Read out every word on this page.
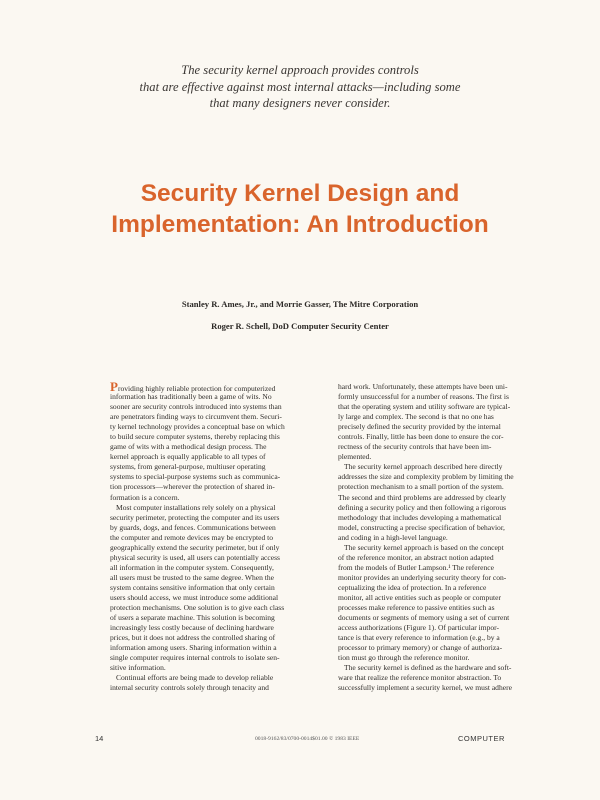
The security kernel approach provides controls
that are effective against most internal attacks—including some
that many designers never consider.
Security Kernel Design and
Implementation: An Introduction
Stanley R. Ames, Jr., and Morrie Gasser, The Mitre Corporation
Roger R. Schell, DoD Computer Security Center
Providing highly reliable protection for computerized
information has traditionally been a game of wits. No
sooner are security controls introduced into systems than
are penetrators finding ways to circumvent them. Securi-
ty kernel technology provides a conceptual base on which
to build secure computer systems, thereby replacing this
game of wits with a methodical design process. The
kernel approach is equally applicable to all types of
systems, from general-purpose, multiuser operating
systems to special-purpose systems such as communica-
tion processors—wherever the protection of shared in-
formation is a concern.
Most computer installations rely solely on a physical
security perimeter, protecting the computer and its users
by guards, dogs, and fences. Communications between
the computer and remote devices may be encrypted to
geographically extend the security perimeter, but if only
physical security is used, all users can potentially access
all information in the computer system. Consequently,
all users must be trusted to the same degree. When the
system contains sensitive information that only certain
users should access, we must introduce some additional
protection mechanisms. One solution is to give each class
of users a separate machine. This solution is becoming
increasingly less costly because of declining hardware
prices, but it does not address the controlled sharing of
information among users. Sharing information within a
single computer requires internal controls to isolate sen-
sitive information.
Continual efforts are being made to develop reliable
internal security controls solely through tenacity and
hard work. Unfortunately, these attempts have been uni-
formly unsuccessful for a number of reasons. The first is
that the operating system and utility software are typical-
ly large and complex. The second is that no one has
precisely defined the security provided by the internal
controls. Finally, little has been done to ensure the cor-
rectness of the security controls that have been im-
plemented.
The security kernel approach described here directly
addresses the size and complexity problem by limiting the
protection mechanism to a small portion of the system.
The second and third problems are addressed by clearly
defining a security policy and then following a rigorous
methodology that includes developing a mathematical
model, constructing a precise specification of behavior,
and coding in a high-level language.
The security kernel approach is based on the concept
of the reference monitor, an abstract notion adapted
from the models of Butler Lampson.¹ The reference
monitor provides an underlying security theory for con-
ceptualizing the idea of protection. In a reference
monitor, all active entities such as people or computer
processes make reference to passive entities such as
documents or segments of memory using a set of current
access authorizations (Figure 1). Of particular impor-
tance is that every reference to information (e.g., by a
processor to primary memory) or change of authoriza-
tion must go through the reference monitor.
The security kernel is defined as the hardware and soft-
ware that realize the reference monitor abstraction. To
successfully implement a security kernel, we must adhere
14	0018-9162/83/0700-0014$01.00 © 1983 IEEE	COMPUTER
